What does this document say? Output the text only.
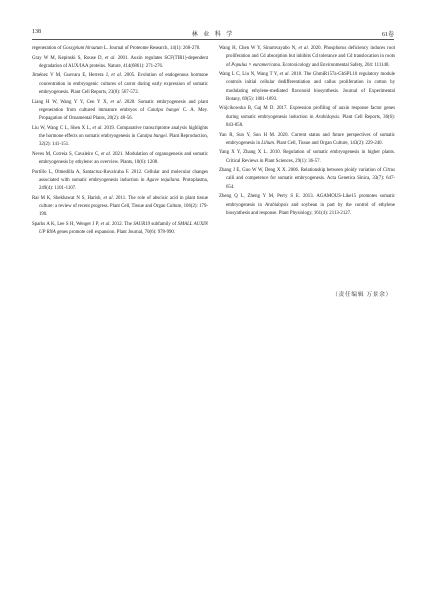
138	林 业 科 学	61卷

regeneration of Gossypium hirsutum L. Journal of Proteome Research, 14(1): 268-278.

Gray W M, Kepinski S, Rouse D, et al. 2001. Auxin regulates SCF(TIR1)-dependent degradation of AUX/IAA proteins. Nature, 414(6861): 271-276.

Jiménez V M, Guevara E, Herrera J, et al. 2005. Evolution of endogenous hormone concentration in embryogenic cultures of carrot during early expression of somatic embryogenesis. Plant Cell Reports, 23(8): 567-572.

Liang H W, Wang Y Y, Cen Y X, et al. 2020. Somatic embryogenesis and plant regeneration from cultured immature embryos of Catalpa bungei C. A. Mey. Propagation of Ornamental Plants, 20(2): 48-56.

Liu W, Wang C L, Shen X L, et al. 2019. Comparative transcriptome analysis highlights the hormone effects on somatic embryogenesis in Catalpa bungei. Plant Reproduction, 32(2): 141-151.

Neves M, Correia S, Cavaleiro C, et al. 2021. Modulation of organogenesis and somatic embryogenesis by ethylene: an overview. Plants, 10(6): 1208.

Portillo L, Olmedilla A, Santacruz-Ruvalcaba F. 2012. Cellular and molecular changes associated with somatic embryogenesis induction in Agave tequilana. Protoplasma, 249(4): 1101-1107.

Rai M K, Shekhawat N S, Harish, et al. 2011. The role of abscisic acid in plant tissue culture: a review of recent progress. Plant Cell, Tissue and Organ Culture, 106(2): 179-190.

Sparks A K, Lee S H, Wenger J P, et al. 2012. The SAUR19 subfamily of SMALL AUXIN UP RNA genes promote cell expansion. Plant Journal, 70(6): 978-990.

Wang H, Chen W Y, Sinumvayabo N, et al. 2020. Phosphorus deficiency induces root proliferation and Cd absorption but inhibits Cd tolerance and Cd translocation in roots of Populus × euramericana. Ecotoxicology and Environmental Safety, 204: 111148.

Wang L C, Liu N, Wang T Y, et al. 2018. The GhmiR157a-GhSPL10 regulatory module controls initial cellular dedifferentiation and callus proliferation in cotton by modulating ethylene-mediated flavonoid biosynthesis. Journal of Experimental Botany, 69(5): 1081-1093.

Wójcikowska B, Gaj M D. 2017. Expression profiling of auxin response factor genes during somatic embryogenesis induction in Arabidopsis. Plant Cell Reports, 36(6): 843-858.

Yan R, Sun Y, Sun H M. 2020. Current status and future perspectives of somatic embryogenesis in Lilium. Plant Cell, Tissue and Organ Culture, 143(2): 229-240.

Yang X Y, Zhang X L. 2010. Regulation of somatic embryogenesis in higher plants. Critical Reviews in Plant Sciences, 29(1): 36-57.

Zhang J E, Guo W W, Deng X X. 2006. Relationship between ploidy variation of Citrus calli and competence for somatic embryogenesis. Acta Genetica Sinica, 33(7): 647-654.

Zheng Q L, Zheng Y M, Perry S E. 2013. AGAMOUS-Like15 promotes somatic embryogenesis in Arabidopsis and soybean in part by the control of ethylene biosynthesis and response. Plant Physiology, 161(4): 2113-2127.

（责任编辑 万景余）
